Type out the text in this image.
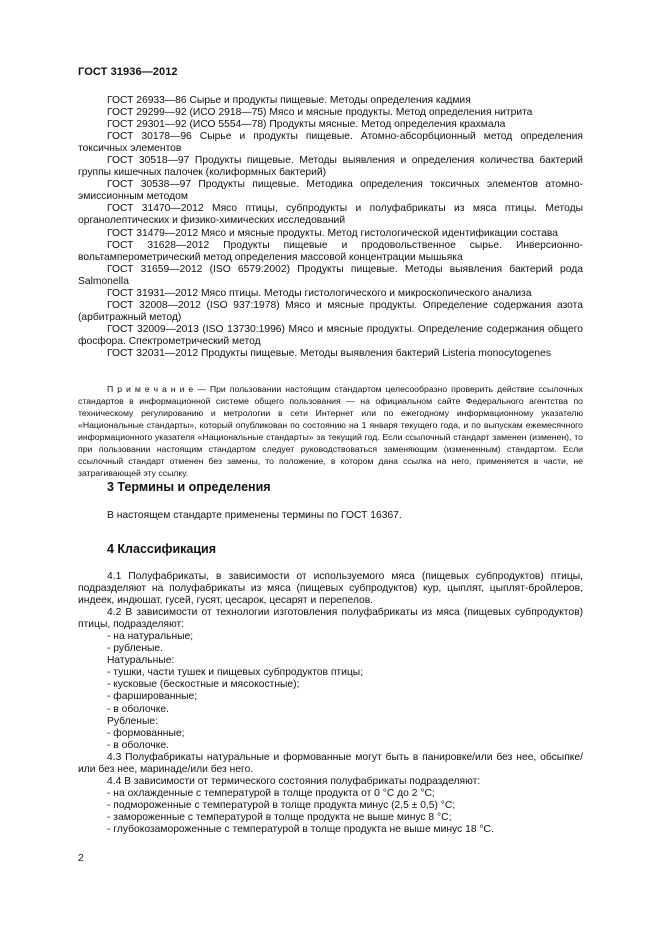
ГОСТ 31936—2012

ГОСТ 26933—86 Сырье и продукты пищевые. Методы определения кадмия

ГОСТ 29299—92 (ИСО 2918—75) Мясо и мясные продукты. Метод определения нитрита

ГОСТ 29301—92 (ИСО 5554—78) Продукты мясные. Метод определения крахмала

ГОСТ 30178—96 Сырье и продукты пищевые. Атомно-абсорбционный метод определения токсичных элементов

ГОСТ 30518—97 Продукты пищевые. Методы выявления и определения количества бактерий группы кишечных палочек (колиформных бактерий)

ГОСТ 30538—97 Продукты пищевые. Методика определения токсичных элементов атомно-эмиссионным методом

ГОСТ 31470—2012 Мясо птицы, субпродукты и полуфабрикаты из мяса птицы. Методы органолептических и физико-химических исследований

ГОСТ 31479—2012 Мясо и мясные продукты. Метод гистологической идентификации состава

ГОСТ 31628—2012 Продукты пищевые и продовольственное сырье. Инверсионно-вольтамперометрический метод определения массовой концентрации мышьяка

ГОСТ 31659—2012 (ISO 6579:2002) Продукты пищевые. Методы выявления бактерий рода Salmonella

ГОСТ 31931—2012 Мясо птицы. Методы гистологического и микроскопического анализа

ГОСТ 32008—2012 (ISO 937:1978) Мясо и мясные продукты. Определение содержания азота (арбитражный метод)

ГОСТ 32009—2013 (ISO 13730:1996) Мясо и мясные продукты. Определение содержания общего фосфора. Спектрометрический метод

ГОСТ 32031—2012 Продукты пищевые. Методы выявления бактерий Listeria monocytogenes

П р и м е ч а н и е — При пользовании настоящим стандартом целесообразно проверить действие ссылочных стандартов в информационной системе общего пользования — на официальном сайте Федерального агентства по техническому регулированию и метрологии в сети Интернет или по ежегодному информационному указателю «Национальные стандарты», который опубликован по состоянию на 1 января текущего года, и по выпускам ежемесячного информационного указателя «Национальные стандарты» за текущий год. Если ссылочный стандарт заменен (изменен), то при пользовании настоящим стандартом следует руководствоваться заменяющим (измененным) стандартом. Если ссылочный стандарт отменен без замены, то положение, в котором дана ссылка на него, применяется в части, не затрагивающей эту ссылку.

3 Термины и определения
В настоящем стандарте применены термины по ГОСТ 16367.
4 Классификация

4.1 Полуфабрикаты, в зависимости от используемого мяса (пищевых субпродуктов) птицы, подразделяют на полуфабрикаты из мяса (пищевых субпродуктов) кур, цыплят, цыплят-бройлеров, индеек, индюшат, гусей, гусят, цесарок, цесарят и перепелов.

4.2 В зависимости от технологии изготовления полуфабрикаты из мяса (пищевых субпродуктов) птицы, подразделяют:

- на натуральные;

- рубленые.

Натуральные:

- тушки, части тушек и пищевых субпродуктов птицы;

- кусковые (бескостные и мясокостные);

- фаршированные;

- в оболочке.

Рубленые:

- формованные;

- в оболочке.

4.3 Полуфабрикаты натуральные и формованные могут быть в панировке/или без нее, обсыпке/или без нее, маринаде/или без него.

4.4 В зависимости от термического состояния полуфабрикаты подразделяют:

- на охлажденные с температурой в толще продукта от 0 °С до 2 °С;

- подмороженные с температурой в толще продукта минус (2,5 ± 0,5) °С;

- замороженные с температурой в толще продукта не выше минус 8 °С;

- глубокозамороженные с температурой в толще продукта не выше минус 18 °С.

2
